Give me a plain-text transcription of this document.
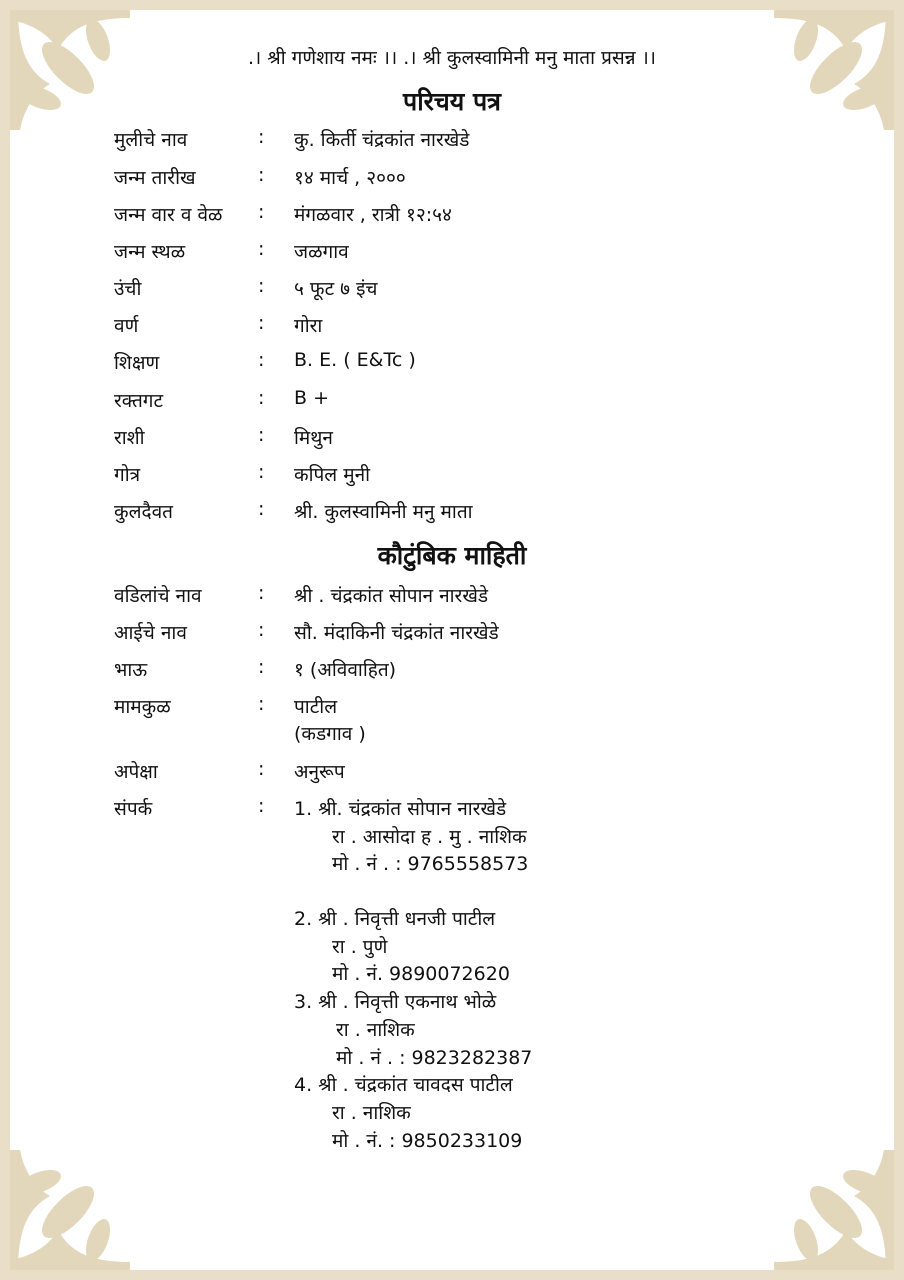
.। श्री गणेशाय नमः ।। .। श्री कुलस्वामिनी मनु माता प्रसन्न ।।
परिचय पत्र
मुलीचे नाव	: कु. किर्ती चंद्रकांत नारखेडे
जन्म तारीख	: १४ मार्च , २०००
जन्म वार व वेळ : मंगळवार , रात्री १२:५४
जन्म स्थळ	: जळगाव
उंची	: ५ फूट ७ इंच
वर्ण	: गोरा
शिक्षण	: B. E. ( E&Tc )
रक्तगट	: B +
राशी	: मिथुन
गोत्र	: कपिल मुनी
कुलदैवत	: श्री. कुलस्वामिनी मनु माता
कौटुंबिक माहिती
वडिलांचे नाव	: श्री . चंद्रकांत सोपान नारखेडे
आईचे नाव	: सौ. मंदाकिनी चंद्रकांत नारखेडे
भाऊ	: १ (अविवाहित)
मामकुळ	: पाटील
(कडगाव )
अपेक्षा	: अनुरूप
संपर्क	: 1. श्री. चंद्रकांत सोपान नारखेडे
रा . आसोदा ह . मु . नाशिक
मो . नं . : 9765558573
2. श्री . निवृत्ती धनजी पाटील
रा . पुणे
मो . नं. 9890072620
3. श्री . निवृत्ती एकनाथ भोळे
रा . नाशिक
मो . नं . : 9823282387
4. श्री . चंद्रकांत चावदस पाटील
रा . नाशिक
मो . नं. : 9850233109
